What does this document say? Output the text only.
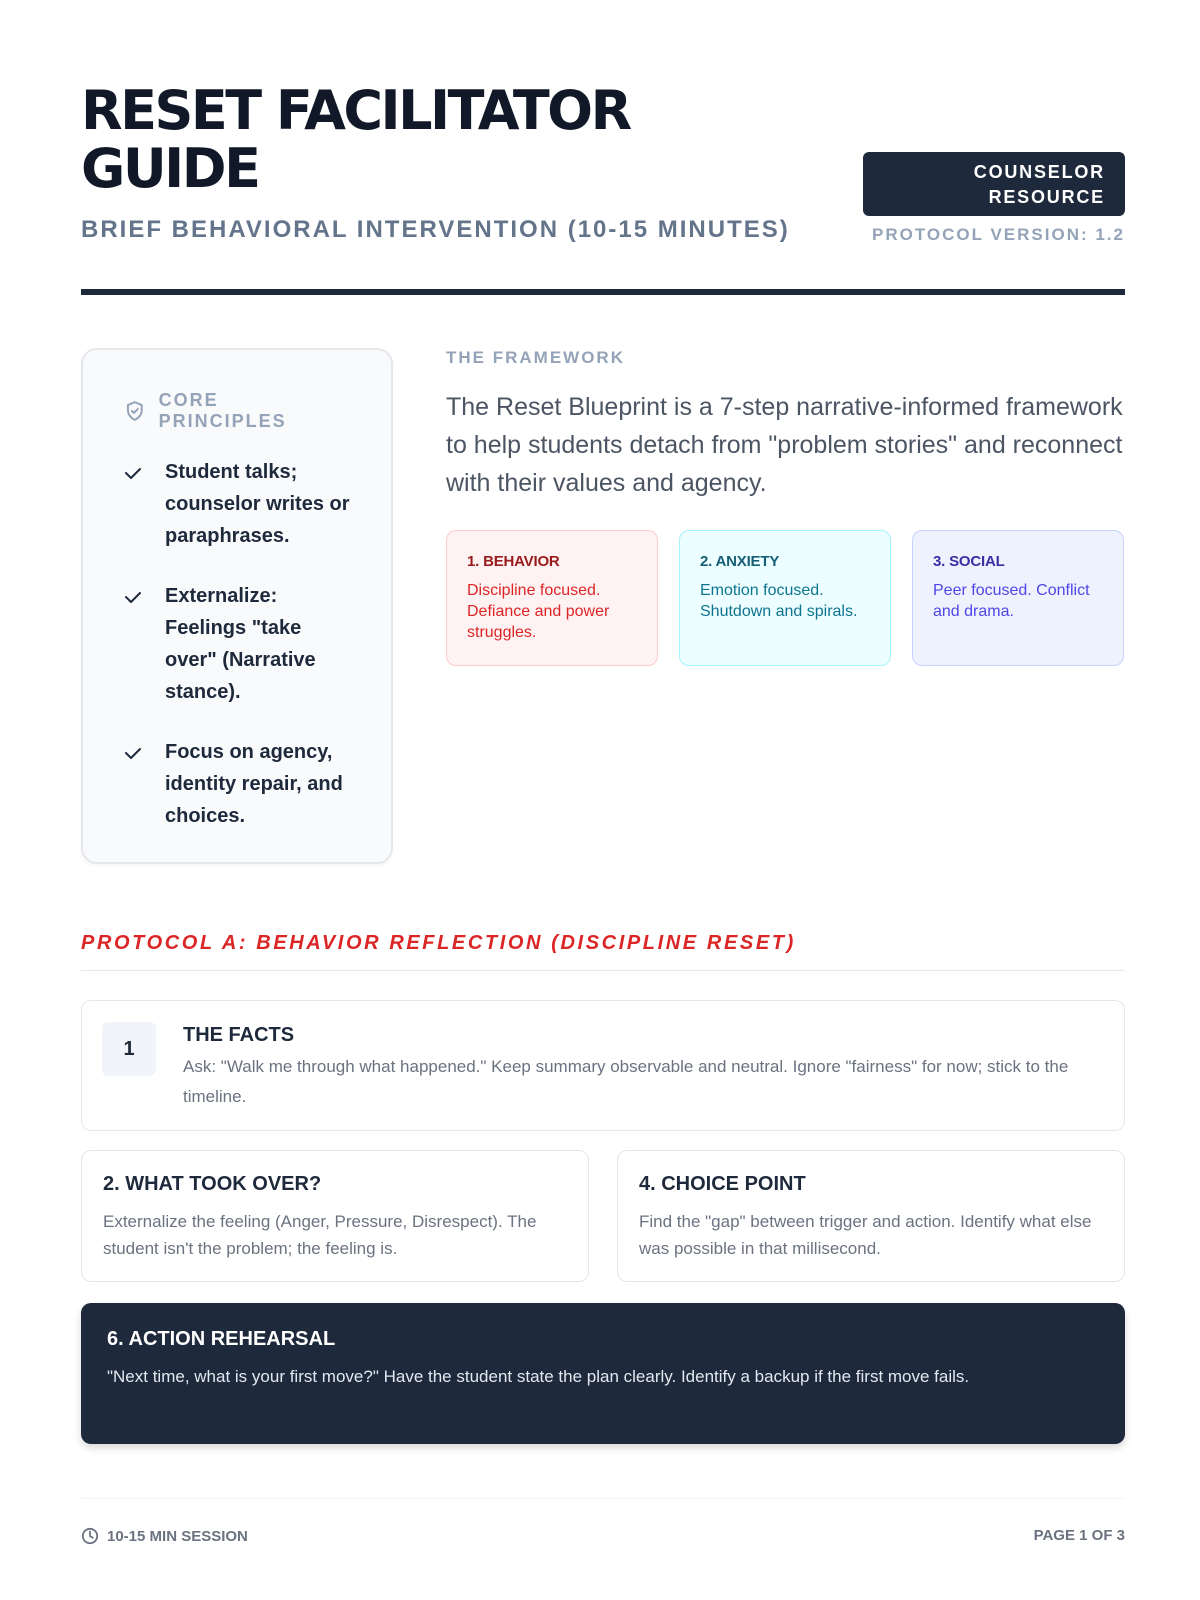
RESET FACILITATOR GUIDE
BRIEF BEHAVIORAL INTERVENTION (10-15 MINUTES)
COUNSELOR RESOURCE
PROTOCOL VERSION: 1.2
CORE PRINCIPLES
Student talks; counselor writes or paraphrases.
Externalize: Feelings "take over" (Narrative stance).
Focus on agency, identity repair, and choices.
THE FRAMEWORK

The Reset Blueprint is a 7-step narrative-informed framework to help students detach from "problem stories" and reconnect with their values and agency.

1. BEHAVIOR
Discipline focused. Defiance and power struggles.
2. ANXIETY
Emotion focused. Shutdown and spirals.
3. SOCIAL
Peer focused. Conflict and drama.
PROTOCOL A: BEHAVIOR REFLECTION (DISCIPLINE RESET)
1
THE FACTS
Ask: "Walk me through what happened." Keep summary observable and neutral. Ignore "fairness" for now; stick to the timeline.
2. WHAT TOOK OVER?
Externalize the feeling (Anger, Pressure, Disrespect). The student isn't the problem; the feeling is.
4. CHOICE POINT
Find the "gap" between trigger and action. Identify what else was possible in that millisecond.
6. ACTION REHEARSAL
"Next time, what is your first move?" Have the student state the plan clearly. Identify a backup if the first move fails.
10-15 MIN SESSION	PAGE 1 OF 3
